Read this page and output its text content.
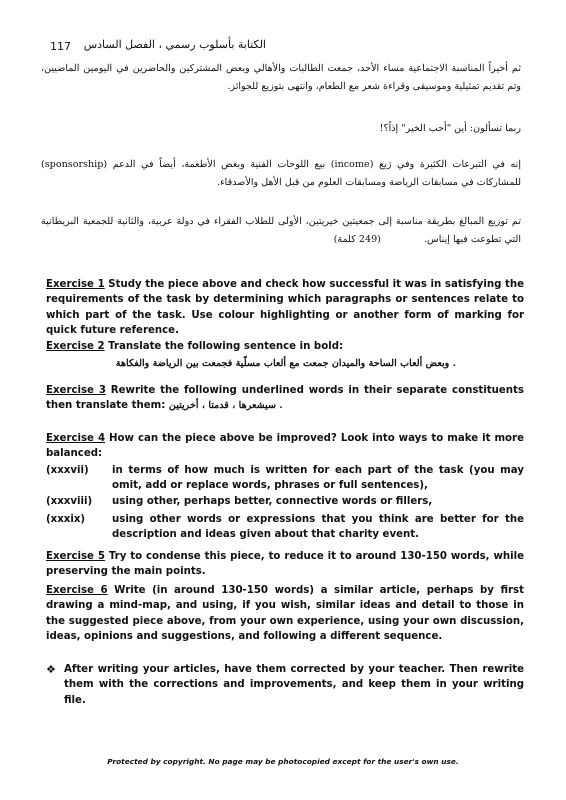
117 الكتابة بأسلوب رسمي ، الفصل السادس
ثم أخيراً المناسبة الاجتماعية مساء الأحد، جمعت الطالبات والأهالي وبعض المشتركين والحاضرين في اليومين الماضيين، وتم تقديم تمثيلية وموسيقى وقراءة شعر مع الطعام، وانتهى بتوزيع للجوائز.
ربما تسألون: أين "أحب الخير" إذاً؟!
إنه في التبرعات الكثيرة وفي رَيع (income) بيع اللوحات الفنية وبعض الأطعمة، أيضاً في الدعم (sponsorship) للمشاركات في مسابقات الرياضة ومسابقات العلوم من قبل الأهل والأصدقاء.
تم توزيع المبالغ بطريقة مناسبة إلى جمعيتين خيريتين، الأولى للطلاب الفقراء في دولة عربية، والثانية للجمعية البريطانية التي تطوعت فيها إيناس. (249 كلمة)
Exercise 1 Study the piece above and check how successful it was in satisfying the requirements of the task by determining which paragraphs or sentences relate to which part of the task. Use colour highlighting or another form of marking for quick future reference.
Exercise 2 Translate the following sentence in bold:
. وبعض ألعاب الساحة والميدان جمعت مع ألعاب مسلّية فجمعت بين الرياضة والفكاهة
Exercise 3 Rewrite the following underlined words in their separate constituents then translate them: . سيشعرها ، قدمتا ، أخريتين
Exercise 4 How can the piece above be improved? Look into ways to make it more balanced:
(xxxvii) in terms of how much is written for each part of the task (you may omit, add or replace words, phrases or full sentences),
(xxxviii) using other, perhaps better, connective words or fillers,
(xxxix)	using other words or expressions that you think are better for the description and ideas given about that charity event.
Exercise 5 Try to condense this piece, to reduce it to around 130-150 words, while preserving the main points.
Exercise 6 Write (in around 130-150 words) a similar article, perhaps by first drawing a mind-map, and using, if you wish, similar ideas and detail to those in the suggested piece above, from your own experience, using your own discussion, ideas, opinions and suggestions, and following a different sequence.
❖ After writing your articles, have them corrected by your teacher. Then rewrite them with the corrections and improvements, and keep them in your writing file.
Protected by copyright. No page may be photocopied except for the user's own use.
